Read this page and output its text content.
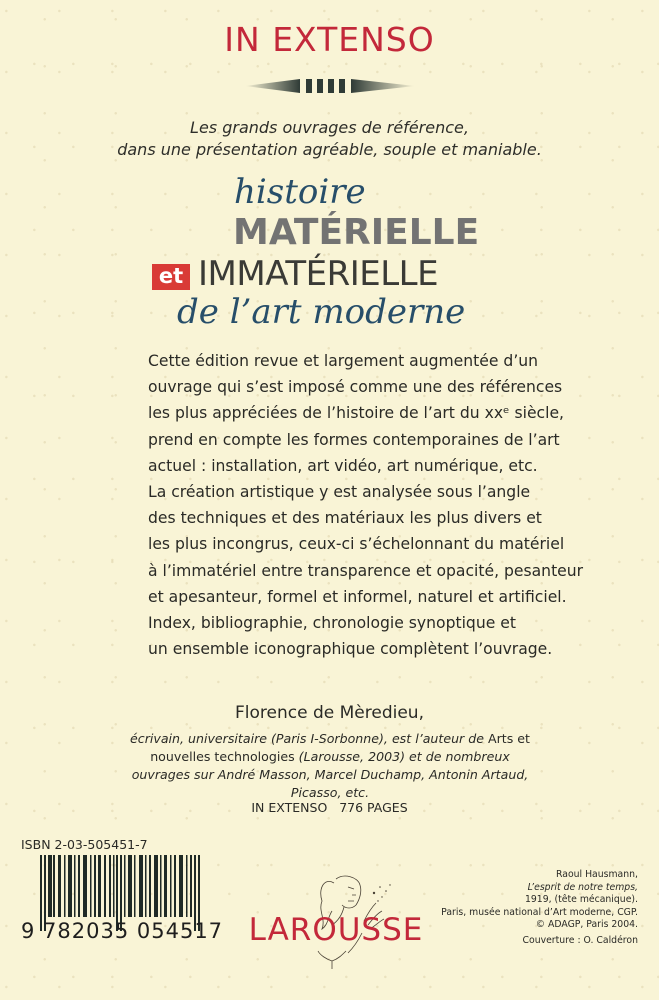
IN EXTENSO
Les grands ouvrages de référence,
dans une présentation agréable, souple et maniable.
histoire
MATÉRIELLE
et IMMATÉRIELLE
de l’art moderne
Cette édition revue et largement augmentée d’un
ouvrage qui s’est imposé comme une des références
les plus appréciées de l’histoire de l’art du xxᵉ siècle,
prend en compte les formes contemporaines de l’art
actuel : installation, art vidéo, art numérique, etc.
La création artistique y est analysée sous l’angle
des techniques et des matériaux les plus divers et
les plus incongrus, ceux-ci s’échelonnant du matériel
à l’immatériel entre transparence et opacité, pesanteur
et apesanteur, formel et informel, naturel et artificiel.
Index, bibliographie, chronologie synoptique et
un ensemble iconographique complètent l’ouvrage.
Florence de Mèredieu,
écrivain, universitaire (Paris I-Sorbonne), est l’auteur de Arts et nouvelles technologies (Larousse, 2003) et de nombreux ouvrages sur André Masson, Marcel Duchamp, Antonin Artaud, Picasso, etc.
IN EXTENSO   776 PAGES
ISBN 2-03-505451-7
9 782035 054517 LAROUSSE
Raoul Hausmann,
L’esprit de notre temps,
1919, (tête mécanique).
Paris, musée national d’Art moderne, CGP.
© ADAGP, Paris 2004.
Couverture : O. Caldéron
